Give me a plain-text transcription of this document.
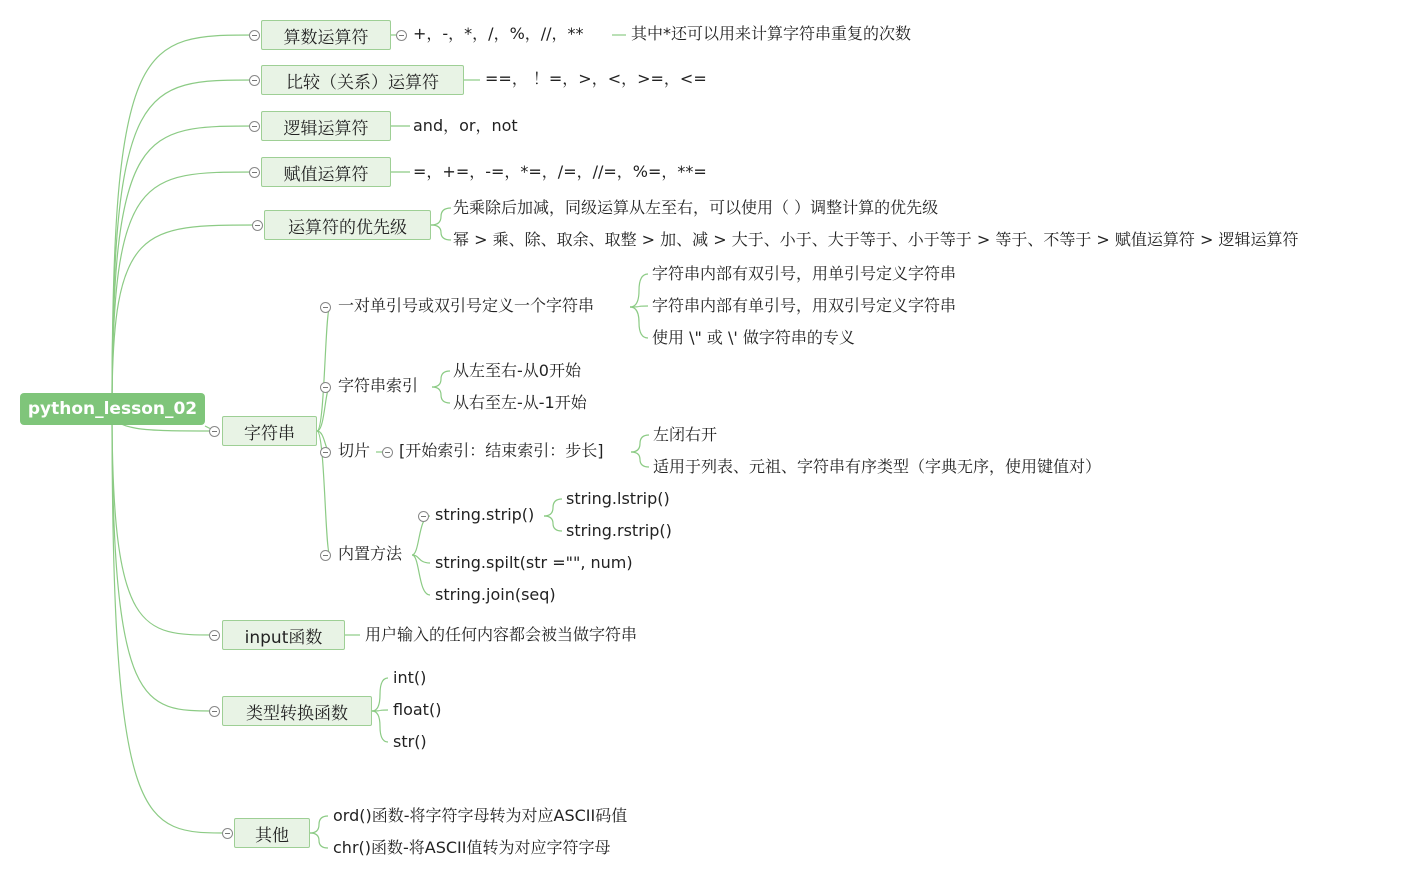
python_lesson_02
算数运算符	+，-，*，/，%，//，**	其中*还可以用来计算字符串重复的次数
比较（关系）运算符	==， ！=，>，<，>=，<=
逻辑运算符	and，or，not
赋值运算符	=，+=，-=，*=，/=，//=，%=，**=
运算符的优先级
先乘除后加减，同级运算从左至右，可以使用（ ）调整计算的优先级
幂 > 乘、除、取余、取整 > 加、减 > 大于、小于、大于等于、小于等于 > 等于、不等于 > 赋值运算符 > 逻辑运算符
字符串
一对单引号或双引号定义一个字符串
字符串内部有双引号，用单引号定义字符串
字符串内部有单引号，用双引号定义字符串
使用 \" 或 \' 做字符串的专义
字符串索引
从左至右-从0开始
从右至左-从-1开始
切片 [开始索引：结束索引：步长]
左闭右开
适用于列表、元祖、字符串有序类型（字典无序，使用键值对）
内置方法
string.strip()
string.lstrip()
string.rstrip()
string.spilt(str ="", num)
string.join(seq)
input函数	用户输入的任何内容都会被当做字符串
类型转换函数
int()
float()
str()
其他
ord()函数-将字符字母转为对应ASCII码值
chr()函数-将ASCII值转为对应字符字母
